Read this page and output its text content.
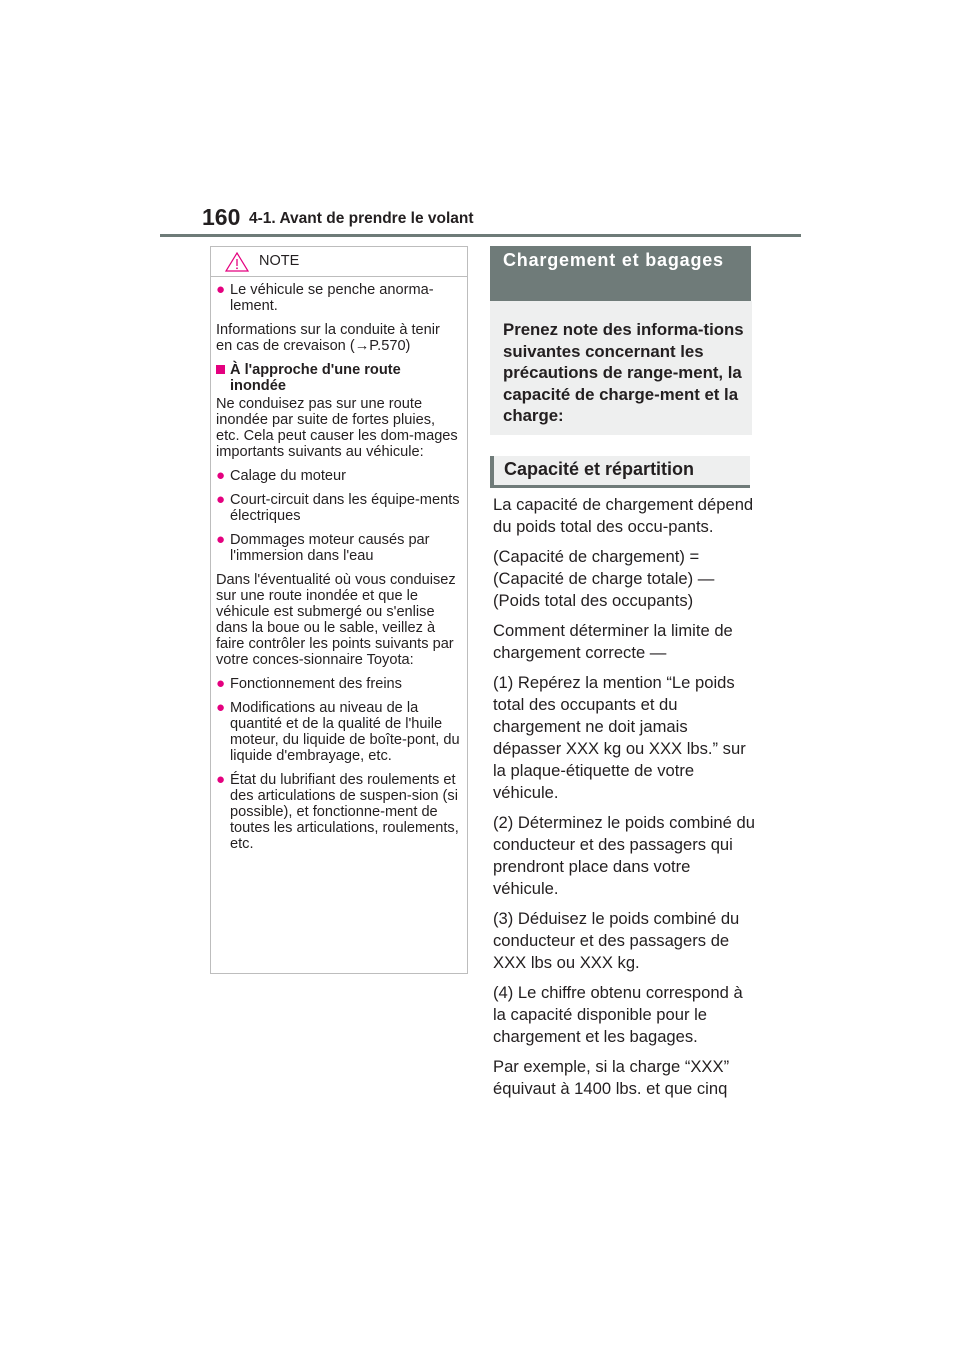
160 4-1. Avant de prendre le volant
NOTE
● Le véhicule se penche anorma-lement.

Informations sur la conduite à tenir en cas de crevaison (→P.570)

À l'approche d'une route inondée

Ne conduisez pas sur une route inondée par suite de fortes pluies, etc. Cela peut causer les dom-mages importants suivants au véhicule:

● Calage du moteur
● Court-circuit dans les équipe-ments électriques
● Dommages moteur causés par l'immersion dans l'eau

Dans l'éventualité où vous conduisez sur une route inondée et que le véhicule est submergé ou s'enlise dans la boue ou le sable, veillez à faire contrôler les points suivants par votre conces-sionnaire Toyota:

● Fonctionnement des freins
● Modifications au niveau de la quantité et de la qualité de l'huile moteur, du liquide de boîte-pont, du liquide d'embrayage, etc.
● État du lubrifiant des roulements et des articulations de suspen-sion (si possible), et fonctionne-ment de toutes les articulations, roulements, etc.
Chargement et bagages
Prenez note des informa-tions suivantes concernant les précautions de range-ment, la capacité de charge-ment et la charge:
Capacité et répartition

La capacité de chargement dépend du poids total des occu-pants.

(Capacité de chargement) = (Capacité de charge totale) — (Poids total des occupants)

Comment déterminer la limite de chargement correcte —

(1) Repérez la mention “Le poids total des occupants et du chargement ne doit jamais dépasser XXX kg ou XXX lbs.” sur la plaque-étiquette de votre véhicule.

(2) Déterminez le poids combiné du conducteur et des passagers qui prendront place dans votre véhicule.

(3) Déduisez le poids combiné du conducteur et des passagers de XXX lbs ou XXX kg.

(4) Le chiffre obtenu correspond à la capacité disponible pour le chargement et les bagages.

Par exemple, si la charge “XXX” équivaut à 1400 lbs. et que cinq
